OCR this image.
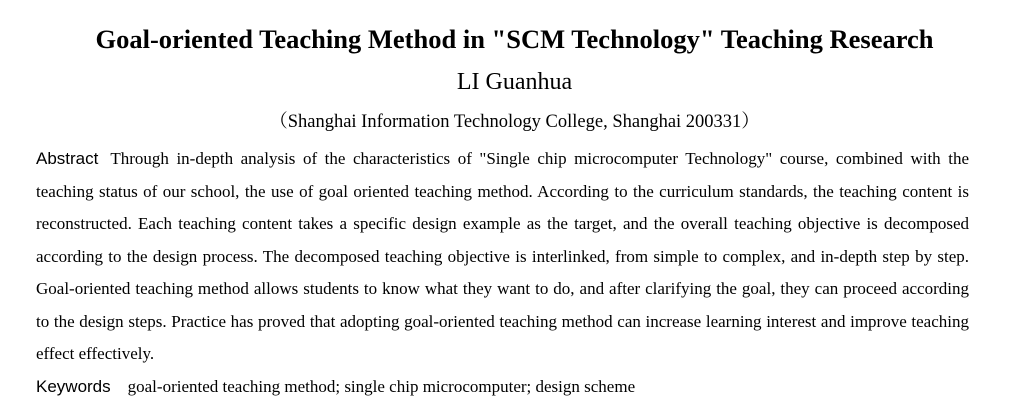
Goal-oriented Teaching Method in "SCM Technology" Teaching Research
LI Guanhua
（Shanghai Information Technology College, Shanghai 200331）

Abstract Through in-depth analysis of the characteristics of "Single chip microcomputer Technology" course, combined with the teaching status of our school, the use of goal oriented teaching method. According to the curriculum standards, the teaching content is reconstructed. Each teaching content takes a specific design example as the target, and the overall teaching objective is decomposed according to the design process. The decomposed teaching objective is interlinked, from simple to complex, and in-depth step by step. Goal-oriented teaching method allows students to know what they want to do, and after clarifying the goal, they can proceed according to the design steps. Practice has proved that adopting goal-oriented teaching method can increase learning interest and improve teaching effect effectively.

Keywords goal-oriented teaching method; single chip microcomputer; design scheme
